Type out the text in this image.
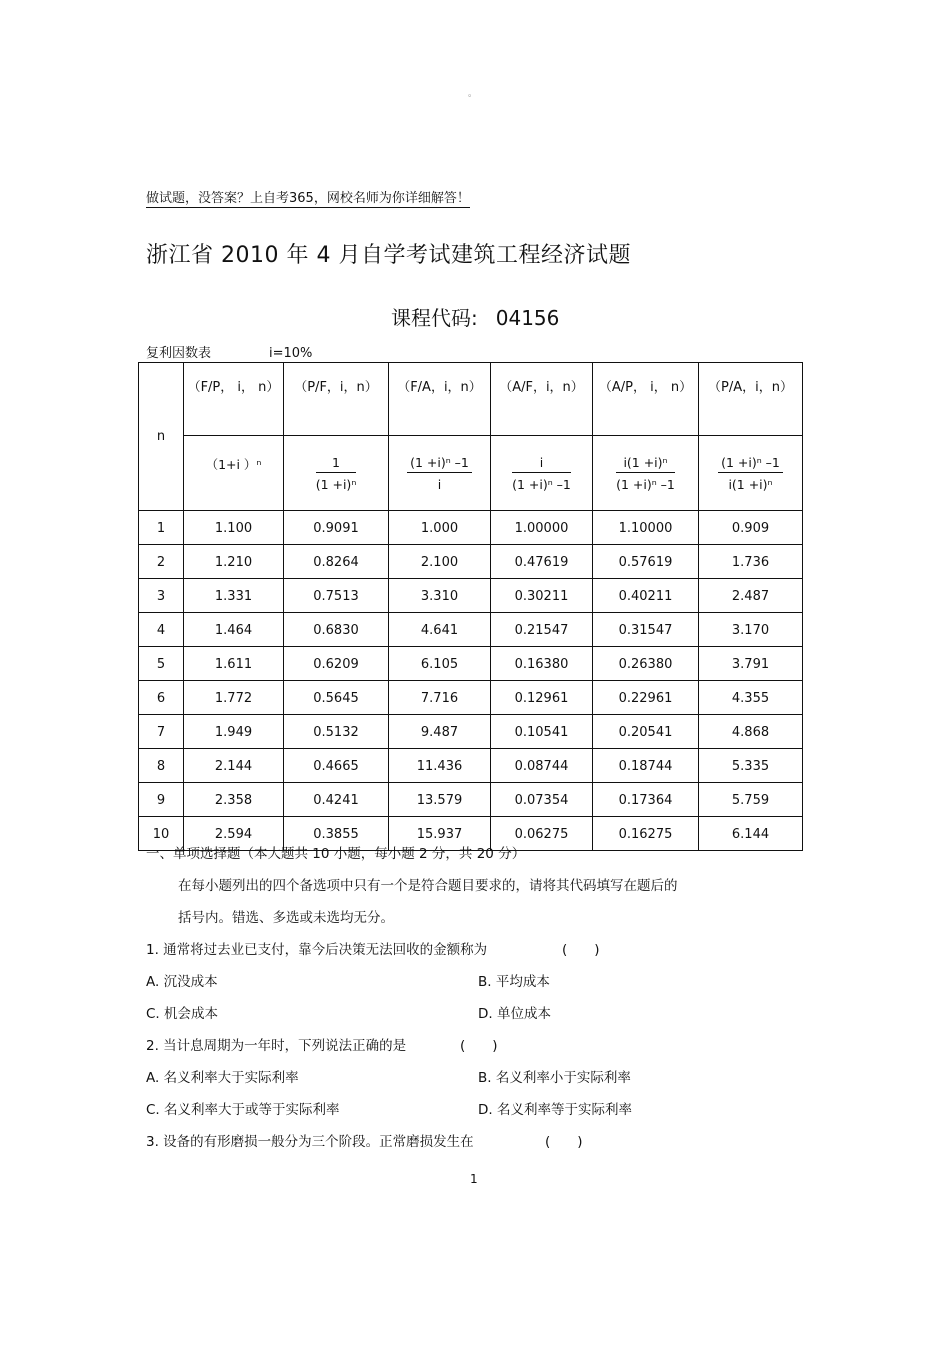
。
做试题，没答案？上自考365，网校名师为你详细解答！
浙江省 2010 年 4 月自学考试建筑工程经济试题
课程代码: 04156
复利因数表	i=10%
n	（F/P， i， n）	（P/F，i，n）	（F/A，i，n）	（A/F，i，n）	（A/P， i， n）	（P/A，i，n）

	（1+i ）ⁿ	$\frac{1}{\text{(1 +i)ⁿ}}$	$\frac{\text{(1 +i)ⁿ –1}}{i}$	$\frac{i}{\text{(1 +i)ⁿ –1}}$	$\frac{\text{i(1 +i)ⁿ}}{\text{(1 +i)ⁿ –1}}$	$\frac{\text{(1 +i)ⁿ –1}}{\text{i(1 +i)ⁿ}}$

1	1.100	0.9091	1.000	1.00000	1.10000	0.909
2	1.210	0.8264	2.100	0.47619	0.57619	1.736
3	1.331	0.7513	3.310	0.30211	0.40211	2.487
4	1.464	0.6830	4.641	0.21547	0.31547	3.170
5	1.611	0.6209	6.105	0.16380	0.26380	3.791
6	1.772	0.5645	7.716	0.12961	0.22961	4.355
7	1.949	0.5132	9.487	0.10541	0.20541	4.868
8	2.144	0.4665	11.436	0.08744	0.18744	5.335
9	2.358	0.4241	13.579	0.07354	0.17364	5.759
10	2.594	0.3855	15.937	0.06275	0.16275	6.144
一、单项选择题（本大题共 10 小题，每小题 2 分，共 20 分）
在每小题列出的四个备选项中只有一个是符合题目要求的，请将其代码填写在题后的
括号内。错选、多选或未选均无分。
1. 通常将过去业已支付，靠今后决策无法回收的金额称为	(　　)
A. 沉没成本	B. 平均成本
C. 机会成本	D. 单位成本
2. 当计息周期为一年时，下列说法正确的是	(　　)
A. 名义利率大于实际利率	B. 名义利率小于实际利率
C. 名义利率大于或等于实际利率	D. 名义利率等于实际利率
3. 设备的有形磨损一般分为三个阶段。正常磨损发生在	(　　)
1
